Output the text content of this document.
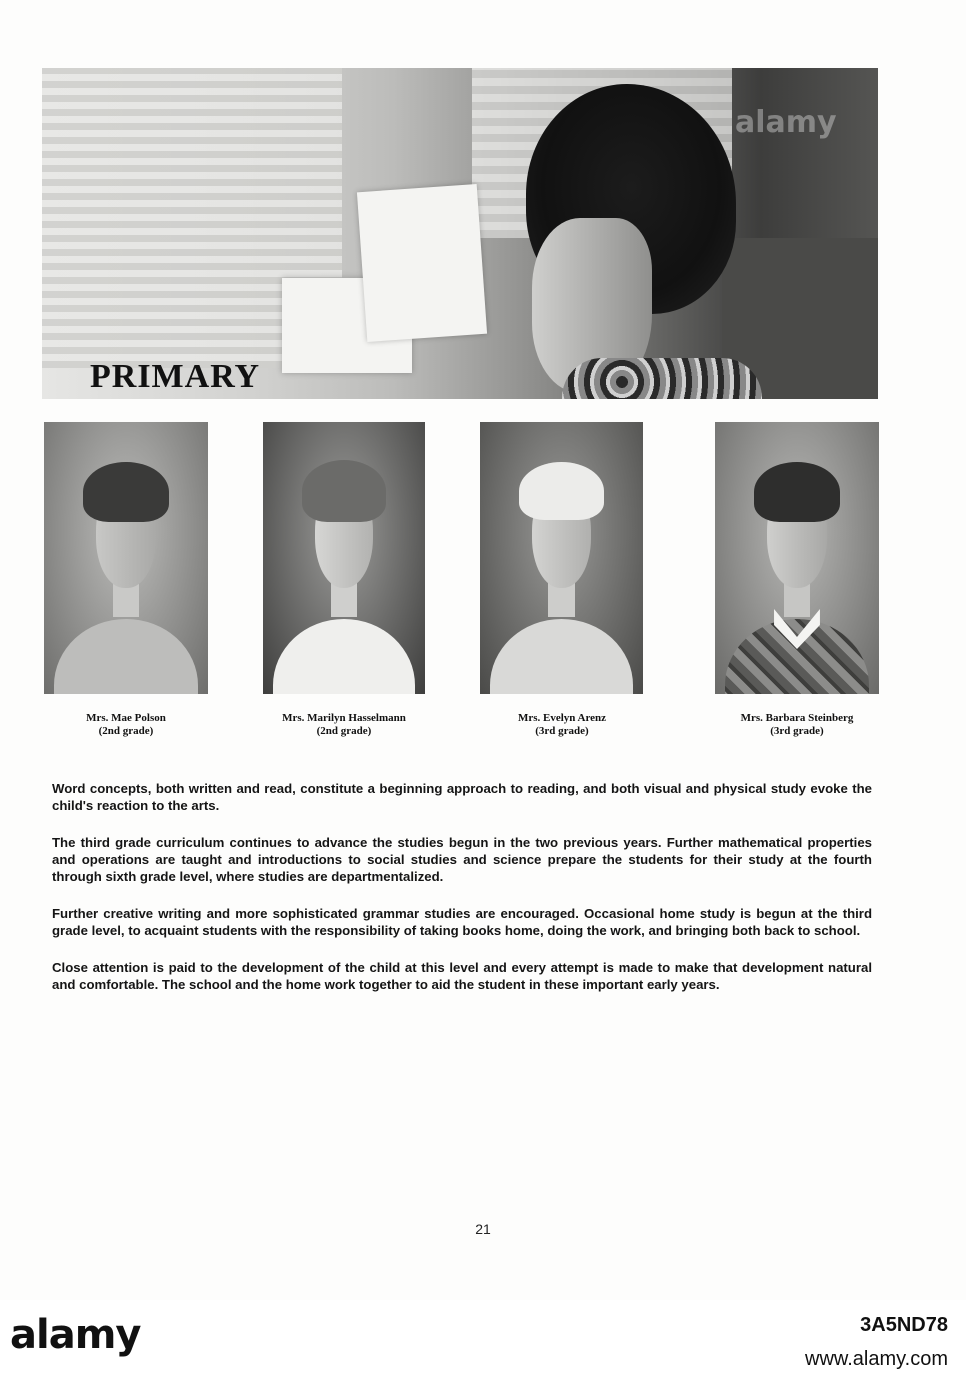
PRIMARY
Mrs. Mae Polson
(2nd grade)
Mrs. Marilyn Hasselmann
(2nd grade)
Mrs. Evelyn Arenz
(3rd grade)
Mrs. Barbara Steinberg
(3rd grade)

Word concepts, both written and read, constitute a beginning approach to reading, and both visual and physical study evoke the child's reaction to the arts.

The third grade curriculum continues to advance the studies begun in the two previous years. Further mathematical properties and operations are taught and introductions to social studies and science prepare the students for their study at the fourth through sixth grade level, where studies are departmentalized.

Further creative writing and more sophisticated grammar studies are encouraged. Occasional home study is begun at the third grade level, to acquaint students with the responsibility of taking books home, doing the work, and bringing both back to school.

Close attention is paid to the development of the child at this level and every attempt is made to make that development natural and comfortable. The school and the home work together to aid the student in these important early years.

21
alamy
alamy	3A5ND78
www.alamy.com
